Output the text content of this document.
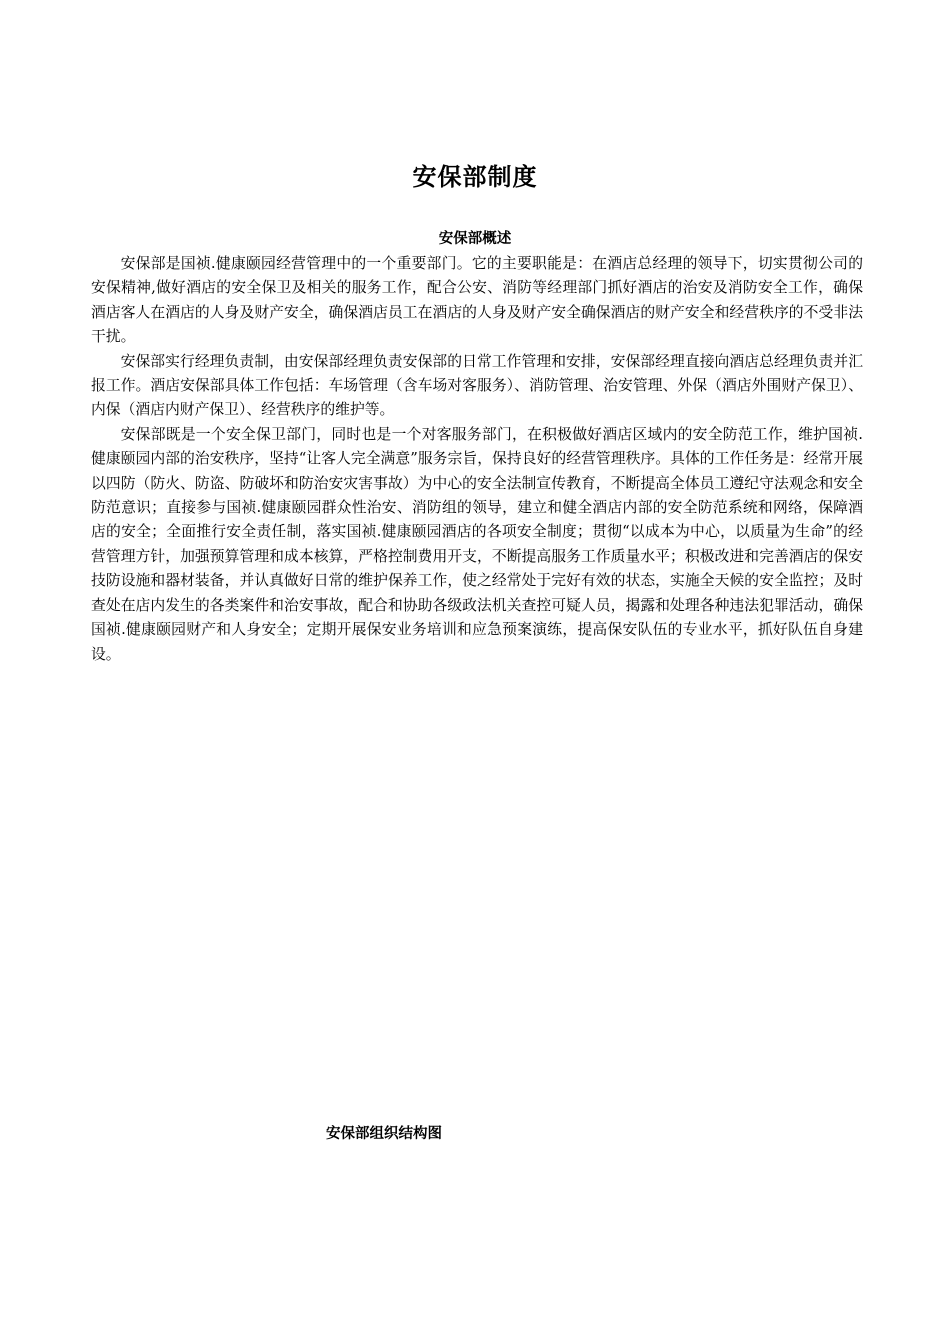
安保部制度
安保部概述

安保部是国祯.健康颐园经营管理中的一个重要部门。它的主要职能是：在酒店总经理的领导下，切实贯彻公司的安保精神,做好酒店的安全保卫及相关的服务工作，配合公安、消防等经理部门抓好酒店的治安及消防安全工作，确保酒店客人在酒店的人身及财产安全，确保酒店员工在酒店的人身及财产安全确保酒店的财产安全和经营秩序的不受非法干扰。

安保部实行经理负责制，由安保部经理负责安保部的日常工作管理和安排，安保部经理直接向酒店总经理负责并汇报工作。酒店安保部具体工作包括：车场管理（含车场对客服务）、消防管理、治安管理、外保（酒店外围财产保卫）、内保（酒店内财产保卫）、经营秩序的维护等。

安保部既是一个安全保卫部门，同时也是一个对客服务部门，在积极做好酒店区域内的安全防范工作，维护国祯.健康颐园内部的治安秩序，坚持“让客人完全满意”服务宗旨，保持良好的经营管理秩序。具体的工作任务是：经常开展以四防（防火、防盗、防破坏和防治安灾害事故）为中心的安全法制宣传教育，不断提高全体员工遵纪守法观念和安全防范意识；直接参与国祯.健康颐园群众性治安、消防组的领导，建立和健全酒店内部的安全防范系统和网络，保障酒店的安全；全面推行安全责任制，落实国祯.健康颐园酒店的各项安全制度；贯彻“以成本为中心，以质量为生命”的经营管理方针，加强预算管理和成本核算，严格控制费用开支，不断提高服务工作质量水平；积极改进和完善酒店的保安技防设施和器材装备，并认真做好日常的维护保养工作，使之经常处于完好有效的状态，实施全天候的安全监控；及时查处在店内发生的各类案件和治安事故，配合和协助各级政法机关查控可疑人员，揭露和处理各种违法犯罪活动，确保国祯.健康颐园财产和人身安全；定期开展保安业务培训和应急预案演练，提高保安队伍的专业水平，抓好队伍自身建设。

安保部组织结构图
